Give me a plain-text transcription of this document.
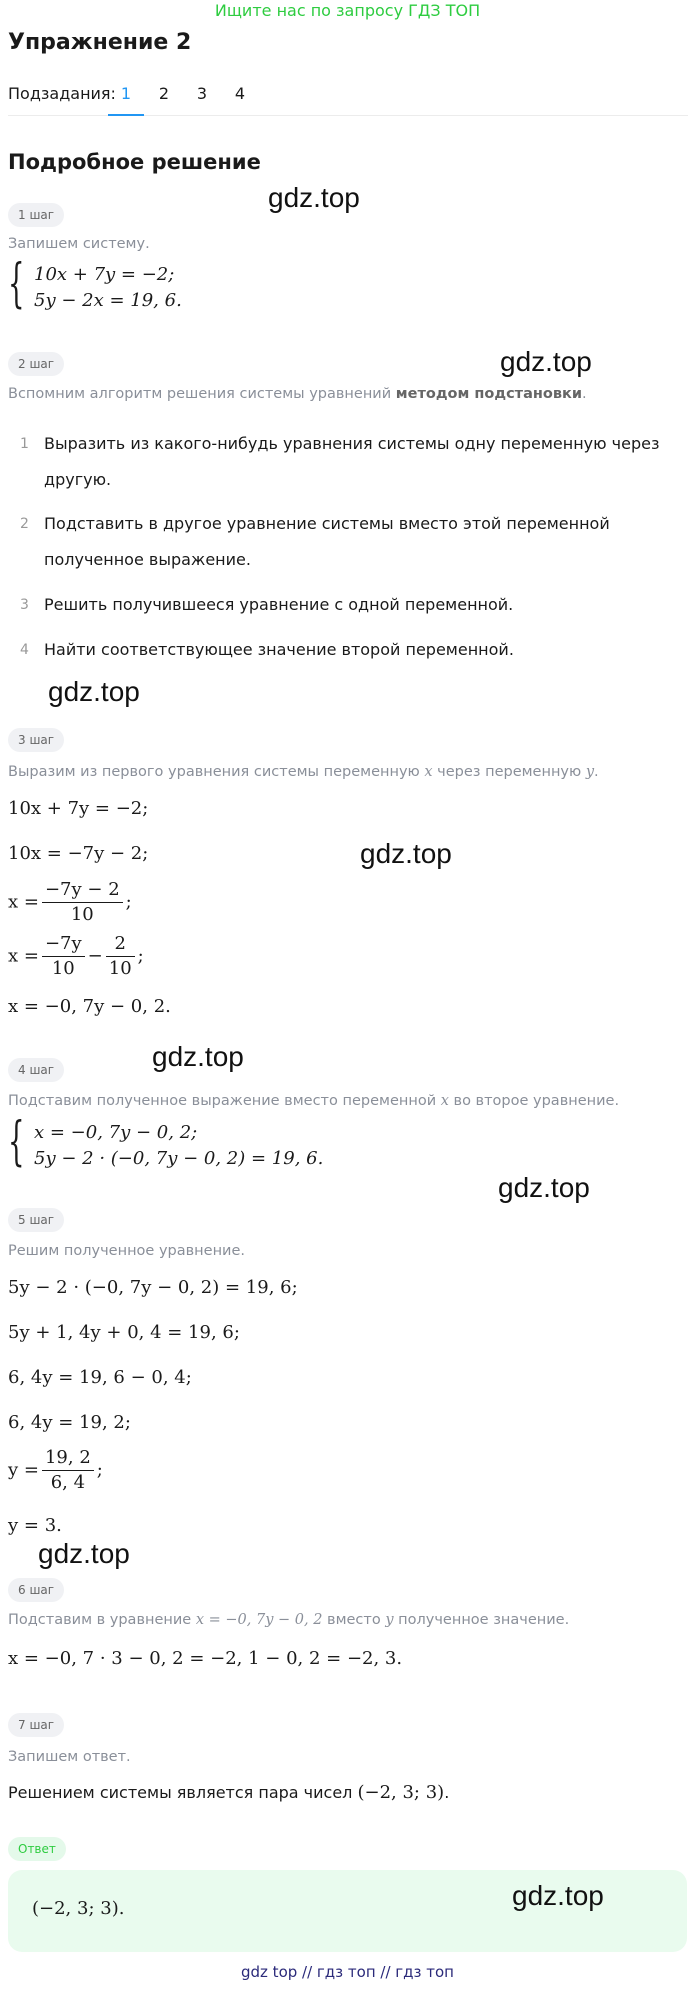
Ищите нас по запросу ГДЗ ТОП
Упражнение 2
Подзадания: 1	2	3	4
Подробное решение
1 шаг
Запишем систему.
{ 10x + 7y = −2;
5y − 2x = 19, 6.
2 шаг
Вспомним алгоритм решения системы уравнений методом подстановки.
1 Выразить из какого-нибудь уравнения системы одну переменную через другую.
2 Подставить в другое уравнение системы вместо этой переменной полученное выражение.
3 Решить получившееся уравнение с одной переменной.
4 Найти соответствующее значение второй переменной.
3 шаг
Выразим из первого уравнения системы переменную x через переменную y.
10x + 7y = −2;
10x = −7y − 2;
$x = \frac{-7y - 2}{10}$ ;
$x = \frac{-7y}{10} - \frac{2}{10}$ ;
x = −0, 7y − 0, 2.
4 шаг
Подставим полученное выражение вместо переменной x во второе уравнение.
{ x = −0, 7y − 0, 2;
5y − 2 · (−0, 7y − 0, 2) = 19, 6.
5 шаг
Решим полученное уравнение.
5y − 2 · (−0, 7y − 0, 2) = 19, 6;
5y + 1, 4y + 0, 4 = 19, 6;
6, 4y = 19, 6 − 0, 4;
6, 4y = 19, 2;
$y = \frac{19, 2}{6, 4}$ ;
y = 3.
6 шаг
Подставим в уравнение x = −0, 7y − 0, 2 вместо y полученное значение.
x = −0, 7 · 3 − 0, 2 = −2, 1 − 0, 2 = −2, 3.
7 шаг
Запишем ответ.
Решением системы является пара чисел (−2, 3; 3).
Ответ
(−2, 3; 3).
gdz.top
gdz.top
gdz.top
gdz.top
gdz.top
gdz.top
gdz.top
gdz.top
gdz top // гдз топ // гдз топ
